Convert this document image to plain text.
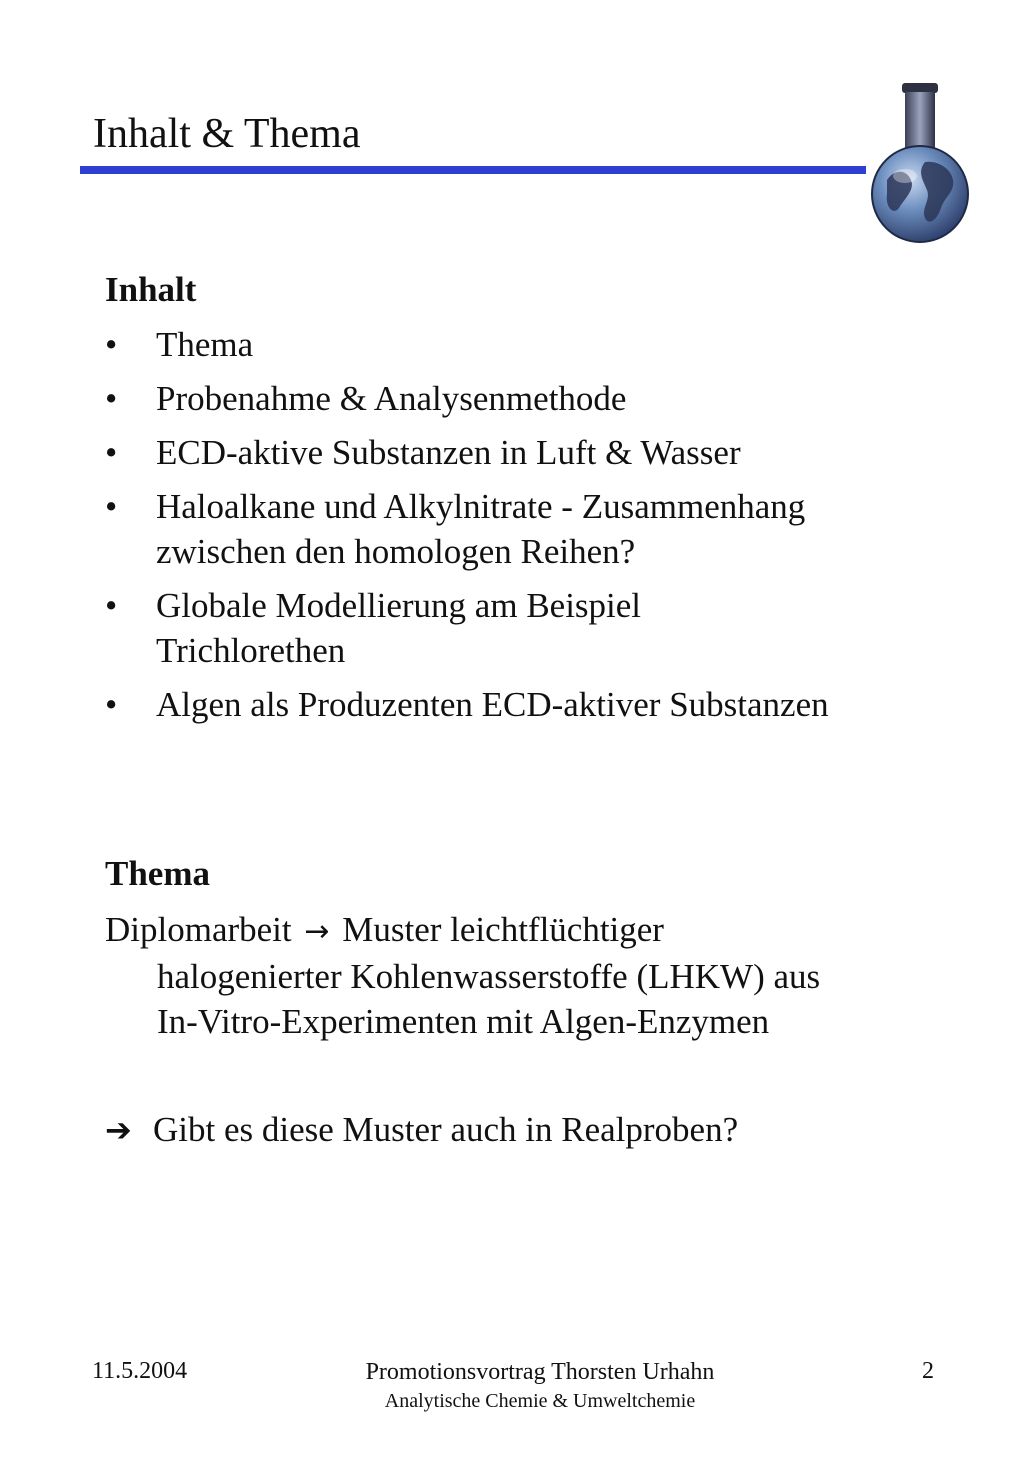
Inhalt & Thema
Inhalt
• Thema
• Probenahme & Analysenmethode
• ECD-aktive Substanzen in Luft & Wasser
• Haloalkane und Alkylnitrate - Zusammenhang
zwischen den homologen Reihen?
• Globale Modellierung am Beispiel
Trichlorethen
• Algen als Produzenten ECD-aktiver Substanzen
Thema
Diplomarbeit → Muster leichtflüchtiger
halogenierter Kohlenwasserstoffe (LHKW) aus
In-Vitro-Experimenten mit Algen-Enzymen
➔ Gibt es diese Muster auch in Realproben?
11.5.2004	Promotionsvortrag Thorsten Urhahn
Analytische Chemie & Umweltchemie
2
